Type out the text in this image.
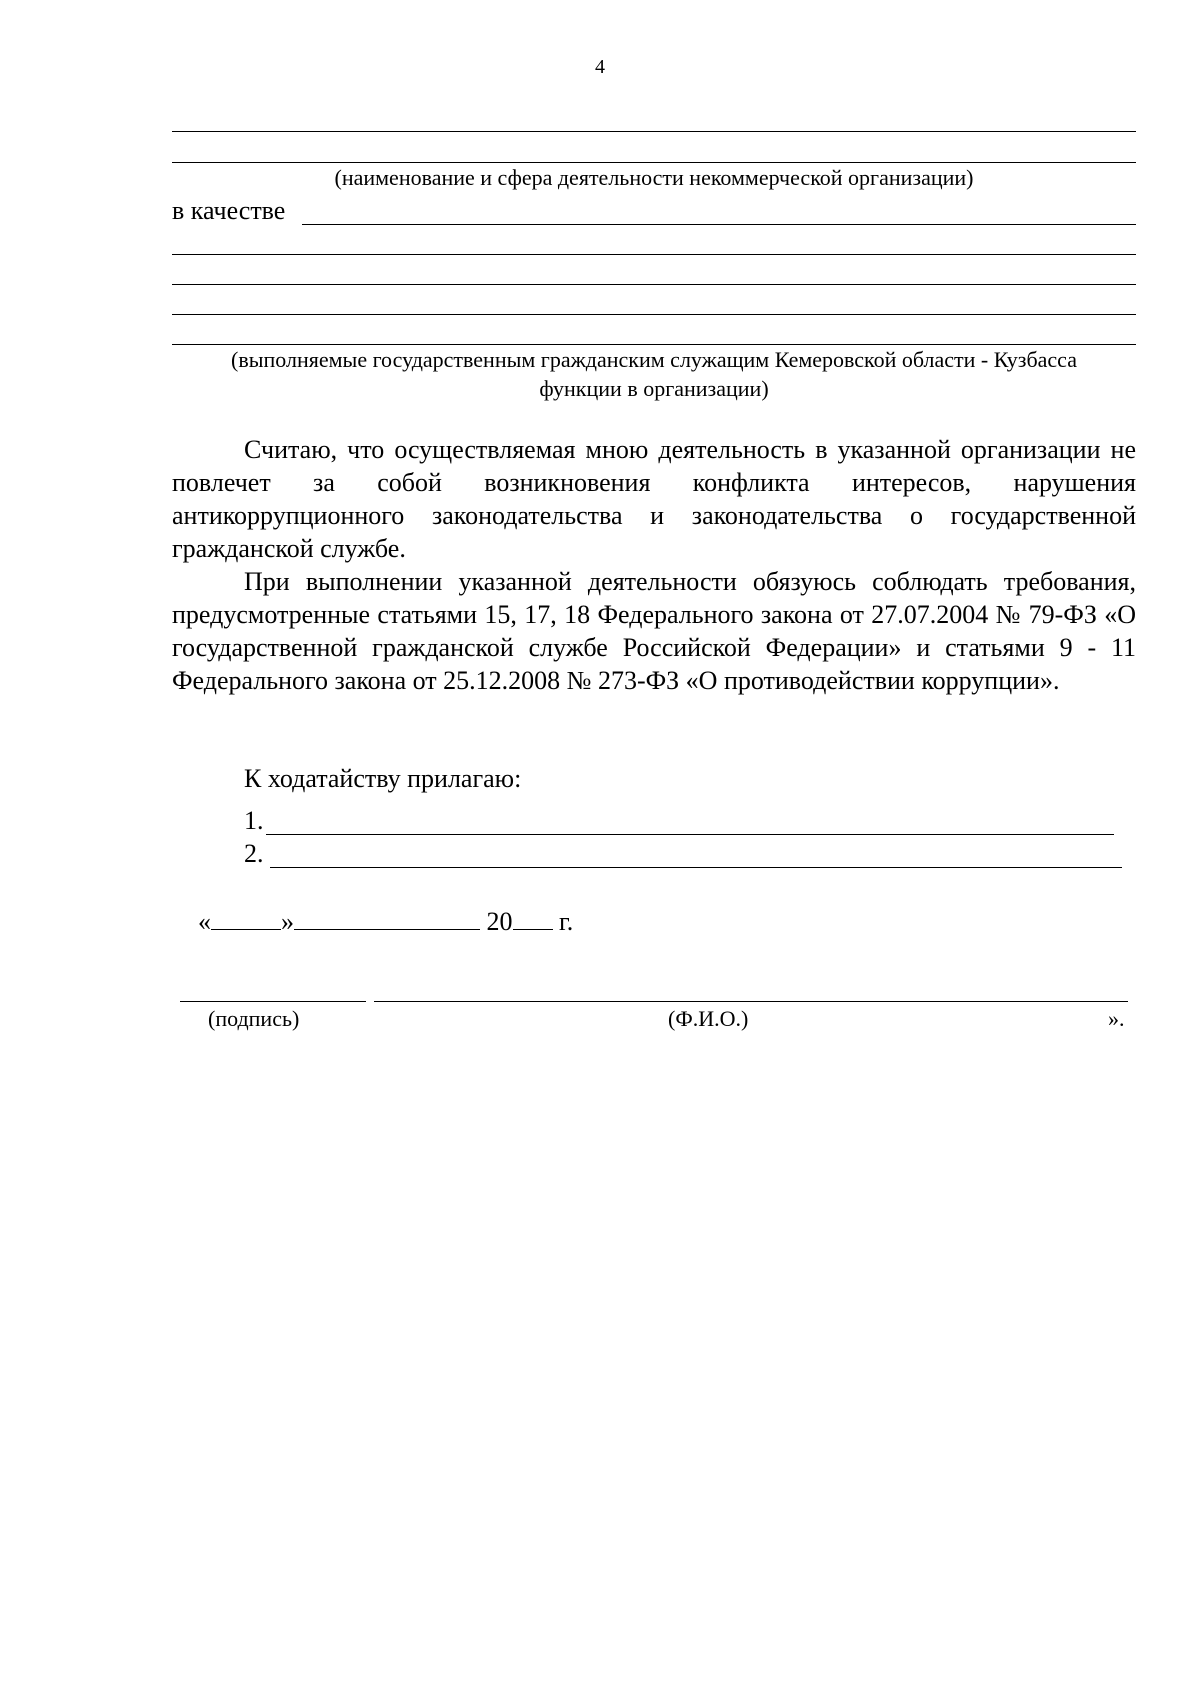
4
(наименование и сфера деятельности некоммерческой организации)
в качестве
(выполняемые государственным гражданским служащим Кемеровской области - Кузбасса
функции в организации)

Считаю, что осуществляемая мною деятельность в указанной организации не повлечет за собой возникновения конфликта интересов, нарушения антикоррупционного законодательства и законодательства о государственной гражданской службе.

При выполнении указанной деятельности обязуюсь соблюдать требования, предусмотренные статьями 15, 17, 18 Федерального закона от 27.07.2004 № 79-ФЗ «О государственной гражданской службе Российской Федерации» и статьями 9 - 11 Федерального закона от 25.12.2008 № 273-ФЗ «О противодействии коррупции».

К ходатайству прилагаю:
1.
2.
«	»	20 г.
(подпись)	(Ф.И.О.)	».
